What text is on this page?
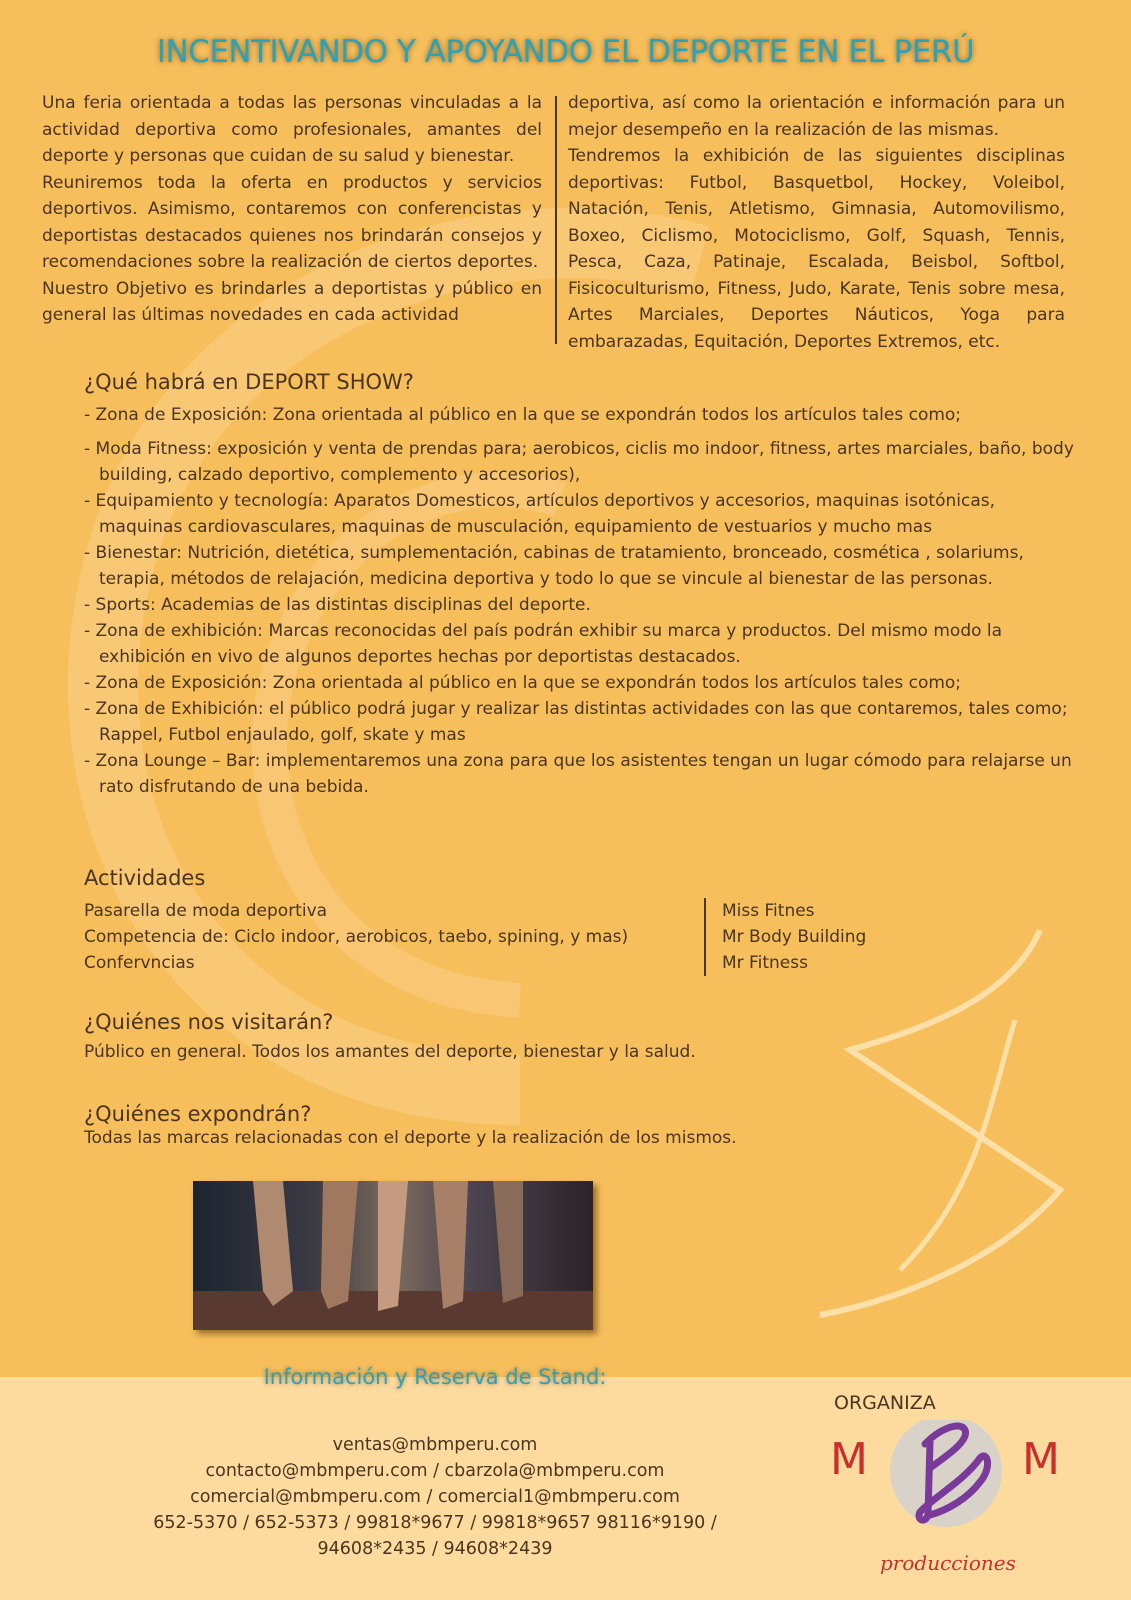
INCENTIVANDO Y APOYANDO EL DEPORTE EN EL PERÚ

Una feria orientada a todas las personas vinculadas a la actividad deportiva como profesionales, amantes del deporte y personas que cuidan de su salud y bienestar.

Reuniremos toda la oferta en productos y servicios deportivos. Asimismo, contaremos con conferencistas y deportistas destacados quienes nos brindarán consejos y recomendaciones sobre la realización de ciertos deportes.

Nuestro Objetivo es brindarles a deportistas y público en general las últimas novedades en cada actividad

deportiva, así como la orientación e información para un mejor desempeño en la realización de las mismas.

Tendremos la exhibición de las siguientes disciplinas deportivas: Futbol, Basquetbol, Hockey, Voleibol, Natación, Tenis, Atletismo, Gimnasia, Automovilismo, Boxeo, Ciclismo, Motociclismo, Golf, Squash, Tennis, Pesca, Caza, Patinaje, Escalada, Beisbol, Softbol, Fisicoculturismo, Fitness, Judo, Karate, Tenis sobre mesa, Artes Marciales, Deportes Náuticos, Yoga para embarazadas, Equitación, Deportes Extremos, etc.

¿Qué habrá en DEPORT SHOW?
- Zona de Exposición: Zona orientada al público en la que se expondrán todos los artículos tales como;
- Moda Fitness: exposición y venta de prendas para; aerobicos, ciclis mo indoor, fitness, artes marciales, baño, body building, calzado deportivo, complemento y accesorios),
- Equipamiento y tecnología: Aparatos Domesticos, artículos deportivos y accesorios, maquinas isotónicas, maquinas cardiovasculares, maquinas de musculación, equipamiento de vestuarios y mucho mas
- Bienestar: Nutrición, dietética, sumplementación, cabinas de tratamiento, bronceado, cosmética , solariums, terapia, métodos de relajación, medicina deportiva y todo lo que se vincule al bienestar de las personas.
- Sports: Academias de las distintas disciplinas del deporte.
- Zona de exhibición: Marcas reconocidas del país podrán exhibir su marca y productos. Del mismo modo la exhibición en vivo de algunos deportes hechas por deportistas destacados.
- Zona de Exposición: Zona orientada al público en la que se expondrán todos los artículos tales como;
- Zona de Exhibición: el público podrá jugar y realizar las distintas actividades con las que contaremos, tales como; Rappel, Futbol enjaulado, golf, skate y mas
- Zona Lounge – Bar: implementaremos una zona para que los asistentes tengan un lugar cómodo para relajarse un rato disfrutando de una bebida.
Actividades
Pasarella de moda deportiva
Competencia de: Ciclo indoor, aerobicos, taebo, spining, y mas)
Confervncias
Miss Fitnes
Mr Body Building
Mr Fitness
¿Quiénes nos visitarán?
Público en general. Todos los amantes del deporte, bienestar y la salud.
¿Quiénes expondrán?
Todas las marcas relacionadas con el deporte y la realización de los mismos.
Información y Reserva de Stand:
ventas@mbmperu.com
contacto@mbmperu.com / cbarzola@mbmperu.com
comercial@mbmperu.com / comercial1@mbmperu.com
652-5370 / 652-5373 / 99818*9677 / 99818*9657 98116*9190 /
94608*2435 / 94608*2439
ORGANIZA
M	M
producciones
